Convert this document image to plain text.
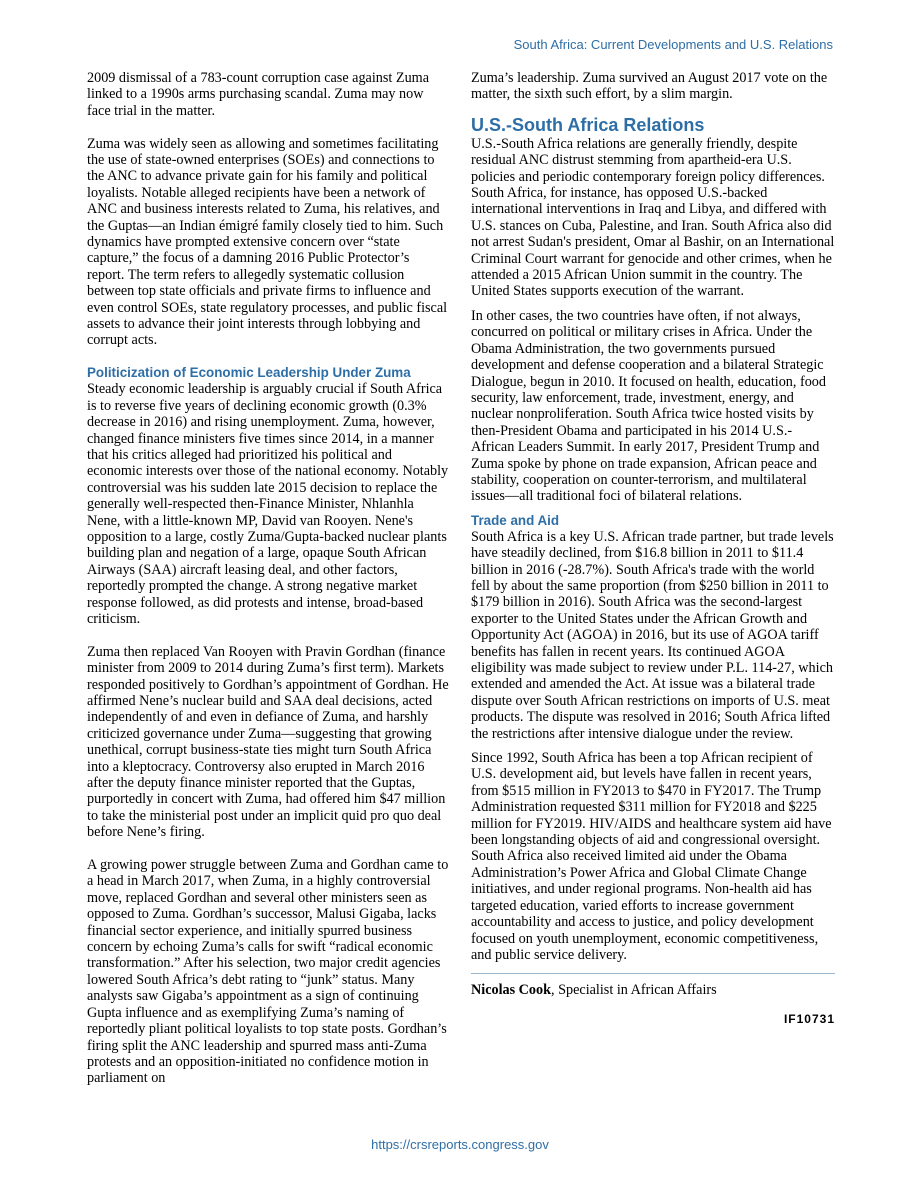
South Africa: Current Developments and U.S. Relations

2009 dismissal of a 783-count corruption case against Zuma linked to a 1990s arms purchasing scandal. Zuma may now face trial in the matter.

Zuma was widely seen as allowing and sometimes facilitating the use of state-owned enterprises (SOEs) and connections to the ANC to advance private gain for his family and political loyalists. Notable alleged recipients have been a network of ANC and business interests related to Zuma, his relatives, and the Guptas—an Indian émigré family closely tied to him. Such dynamics have prompted extensive concern over “state capture,” the focus of a damning 2016 Public Protector’s report. The term refers to allegedly systematic collusion between top state officials and private firms to influence and even control SOEs, state regulatory processes, and public fiscal assets to advance their joint interests through lobbying and corrupt acts.

Politicization of Economic Leadership Under Zuma

Steady economic leadership is arguably crucial if South Africa is to reverse five years of declining economic growth (0.3% decrease in 2016) and rising unemployment. Zuma, however, changed finance ministers five times since 2014, in a manner that his critics alleged had prioritized his political and economic interests over those of the national economy. Notably controversial was his sudden late 2015 decision to replace the generally well-respected then-Finance Minister, Nhlanhla Nene, with a little-known MP, David van Rooyen. Nene's opposition to a large, costly Zuma/Gupta-backed nuclear plants building plan and negation of a large, opaque South African Airways (SAA) aircraft leasing deal, and other factors, reportedly prompted the change. A strong negative market response followed, as did protests and intense, broad-based criticism.

Zuma then replaced Van Rooyen with Pravin Gordhan (finance minister from 2009 to 2014 during Zuma’s first term). Markets responded positively to Gordhan’s appointment of Gordhan. He affirmed Nene’s nuclear build and SAA deal decisions, acted independently of and even in defiance of Zuma, and harshly criticized governance under Zuma—suggesting that growing unethical, corrupt business-state ties might turn South Africa into a kleptocracy. Controversy also erupted in March 2016 after the deputy finance minister reported that the Guptas, purportedly in concert with Zuma, had offered him $47 million to take the ministerial post under an implicit quid pro quo deal before Nene’s firing.

A growing power struggle between Zuma and Gordhan came to a head in March 2017, when Zuma, in a highly controversial move, replaced Gordhan and several other ministers seen as opposed to Zuma. Gordhan’s successor, Malusi Gigaba, lacks financial sector experience, and initially spurred business concern by echoing Zuma’s calls for swift “radical economic transformation.” After his selection, two major credit agencies lowered South Africa’s debt rating to “junk” status. Many analysts saw Gigaba’s appointment as a sign of continuing Gupta influence and as exemplifying Zuma’s naming of reportedly pliant political loyalists to top state posts. Gordhan’s firing split the ANC leadership and spurred mass anti-Zuma protests and an opposition-initiated no confidence motion in parliament on

Zuma’s leadership. Zuma survived an August 2017 vote on the matter, the sixth such effort, by a slim margin.

U.S.-South Africa Relations

U.S.-South Africa relations are generally friendly, despite residual ANC distrust stemming from apartheid-era U.S. policies and periodic contemporary foreign policy differences. South Africa, for instance, has opposed U.S.-backed international interventions in Iraq and Libya, and differed with U.S. stances on Cuba, Palestine, and Iran. South Africa also did not arrest Sudan's president, Omar al Bashir, on an International Criminal Court warrant for genocide and other crimes, when he attended a 2015 African Union summit in the country. The United States supports execution of the warrant.

In other cases, the two countries have often, if not always, concurred on political or military crises in Africa. Under the Obama Administration, the two governments pursued development and defense cooperation and a bilateral Strategic Dialogue, begun in 2010. It focused on health, education, food security, law enforcement, trade, investment, energy, and nuclear nonproliferation. South Africa twice hosted visits by then-President Obama and participated in his 2014 U.S.-African Leaders Summit. In early 2017, President Trump and Zuma spoke by phone on trade expansion, African peace and stability, cooperation on counter-terrorism, and multilateral issues—all traditional foci of bilateral relations.

Trade and Aid

South Africa is a key U.S. African trade partner, but trade levels have steadily declined, from $16.8 billion in 2011 to $11.4 billion in 2016 (-28.7%). South Africa's trade with the world fell by about the same proportion (from $250 billion in 2011 to $179 billion in 2016). South Africa was the second-largest exporter to the United States under the African Growth and Opportunity Act (AGOA) in 2016, but its use of AGOA tariff benefits has fallen in recent years. Its continued AGOA eligibility was made subject to review under P.L. 114-27, which extended and amended the Act. At issue was a bilateral trade dispute over South African restrictions on imports of U.S. meat products. The dispute was resolved in 2016; South Africa lifted the restrictions after intensive dialogue under the review.

Since 1992, South Africa has been a top African recipient of U.S. development aid, but levels have fallen in recent years, from $515 million in FY2013 to $470 in FY2017. The Trump Administration requested $311 million for FY2018 and $225 million for FY2019. HIV/AIDS and healthcare system aid have been longstanding objects of aid and congressional oversight. South Africa also received limited aid under the Obama Administration’s Power Africa and Global Climate Change initiatives, and under regional programs. Non-health aid has targeted education, varied efforts to increase government accountability and access to justice, and policy development focused on youth unemployment, economic competitiveness, and public service delivery.

Nicolas Cook, Specialist in African Affairs
IF10731
https://crsreports.congress.gov
